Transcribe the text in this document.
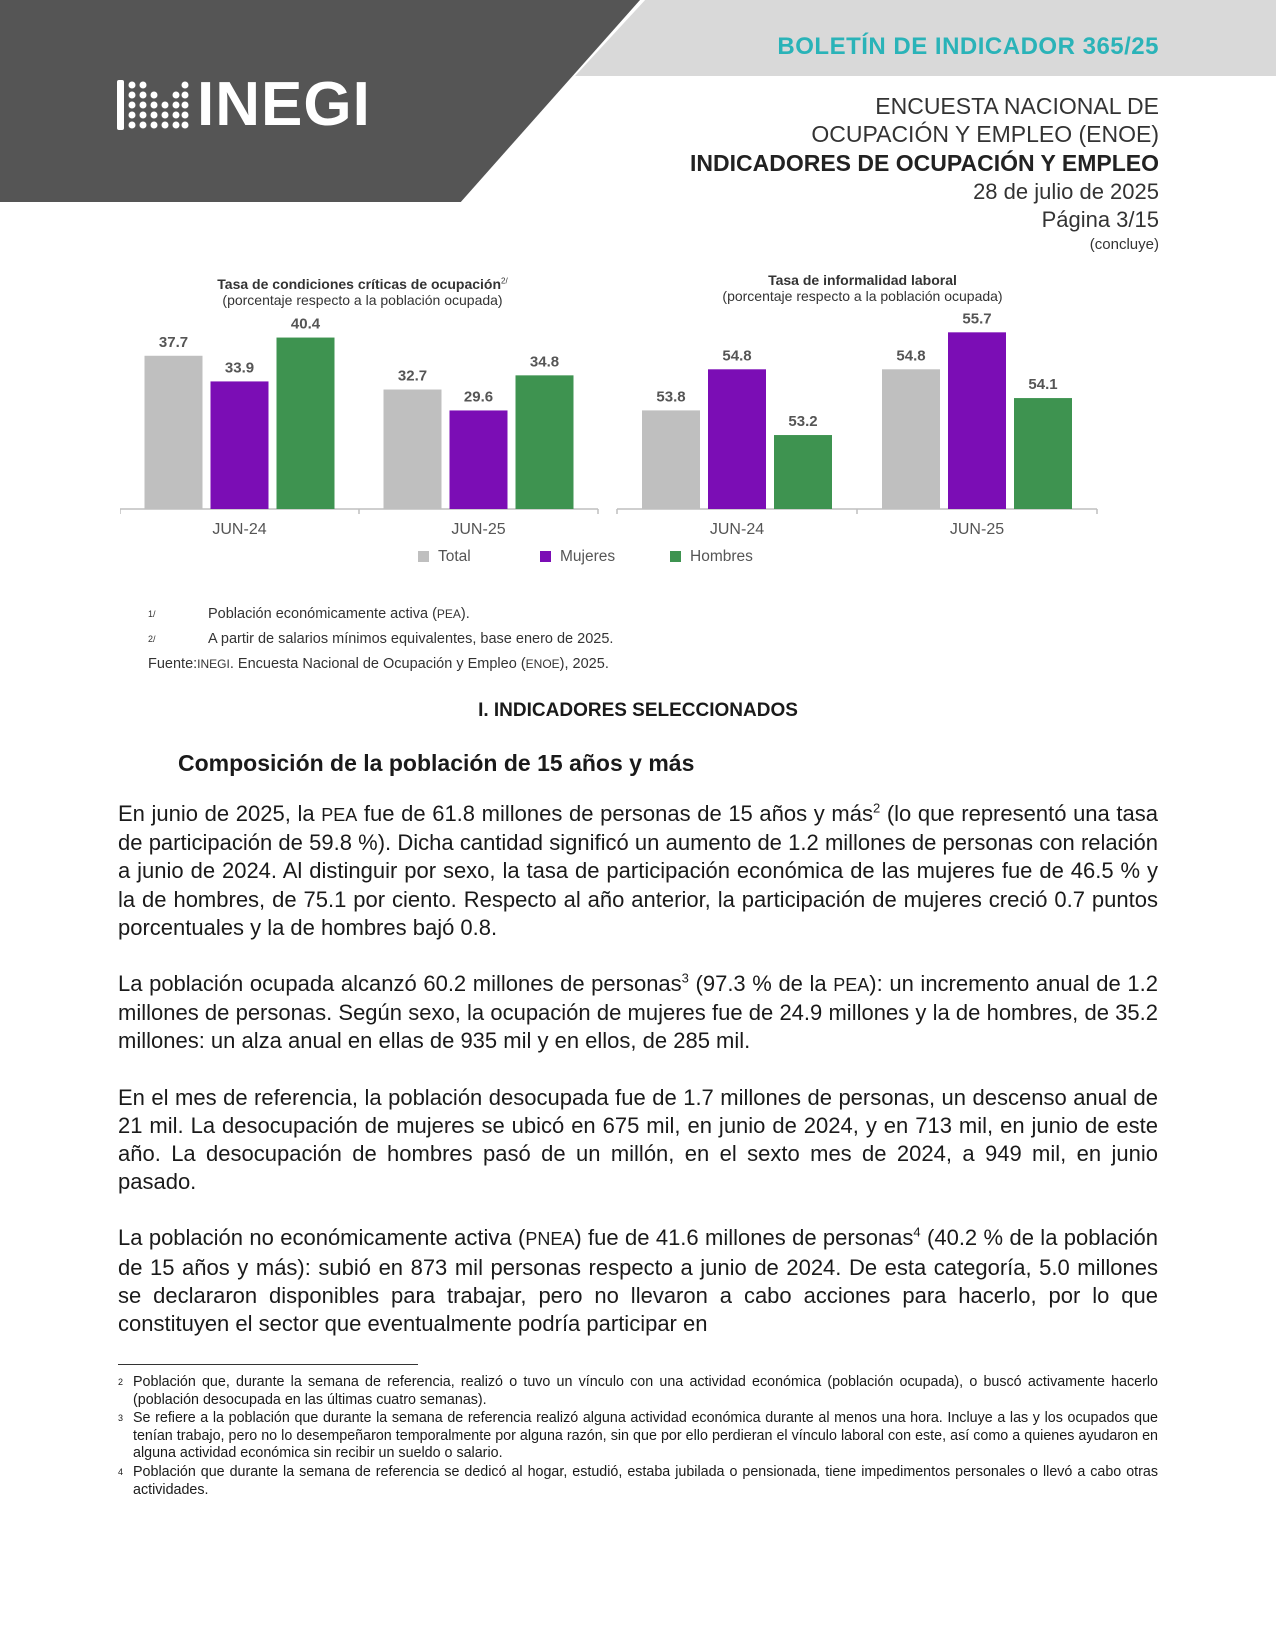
INEGI
BOLETÍN DE INDICADOR 365/25
ENCUESTA NACIONAL DE
OCUPACIÓN Y EMPLEO (ENOE)
INDICADORES DE OCUPACIÓN Y EMPLEO
28 de julio de 2025
Página 3/15
(concluye)
Tasa de condiciones críticas de ocupación$^{2/}$
(porcentaje respecto a la población ocupada)
Tasa de informalidad laboral
(porcentaje respecto a la población ocupada)
37.7
33.9
40.4
JUN-24
32.7
29.6
34.8
JUN-25
53.8
54.8
53.2
JUN-24
54.8
55.7
54.1
JUN-25
Total	Mujeres	Hombres
$^{1/}$	Población económicamente activa (PEA).
$^{2/}$	A partir de salarios mínimos equivalentes, base enero de 2025.
Fuente: INEGI. Encuesta Nacional de Ocupación y Empleo (ENOE), 2025.
I. INDICADORES SELECCIONADOS
Composición de la población de 15 años y más

En junio de 2025, la PEA fue de 61.8 millones de personas de 15 años y más$^2$ (lo que representó una tasa de participación de 59.8 %). Dicha cantidad significó un aumento de 1.2 millones de personas con relación a junio de 2024. Al distinguir por sexo, la tasa de participación económica de las mujeres fue de 46.5 % y la de hombres, de 75.1 por ciento. Respecto al año anterior, la participación de mujeres creció 0.7 puntos porcentuales y la de hombres bajó 0.8.

La población ocupada alcanzó 60.2 millones de personas$^3$ (97.3 % de la PEA): un incremento anual de 1.2 millones de personas. Según sexo, la ocupación de mujeres fue de 24.9 millones y la de hombres, de 35.2 millones: un alza anual en ellas de 935 mil y en ellos, de 285 mil.

En el mes de referencia, la población desocupada fue de 1.7 millones de personas, un descenso anual de 21 mil. La desocupación de mujeres se ubicó en 675 mil, en junio de 2024, y en 713 mil, en junio de este año. La desocupación de hombres pasó de un millón, en el sexto mes de 2024, a 949 mil, en junio pasado.

La población no económicamente activa (PNEA) fue de 41.6 millones de personas$^4$ (40.2 % de la población de 15 años y más): subió en 873 mil personas respecto a junio de 2024. De esta categoría, 5.0 millones se declararon disponibles para trabajar, pero no llevaron a cabo acciones para hacerlo, por lo que constituyen el sector que eventualmente podría participar en

2 Población que, durante la semana de referencia, realizó o tuvo un vínculo con una actividad económica (población ocupada), o buscó activamente hacerlo (población desocupada en las últimas cuatro semanas).
3 Se refiere a la población que durante la semana de referencia realizó alguna actividad económica durante al menos una hora. Incluye a las y los ocupados que tenían trabajo, pero no lo desempeñaron temporalmente por alguna razón, sin que por ello perdieran el vínculo laboral con este, así como a quienes ayudaron en alguna actividad económica sin recibir un sueldo o salario.
4 Población que durante la semana de referencia se dedicó al hogar, estudió, estaba jubilada o pensionada, tiene impedimentos personales o llevó a cabo otras actividades.
